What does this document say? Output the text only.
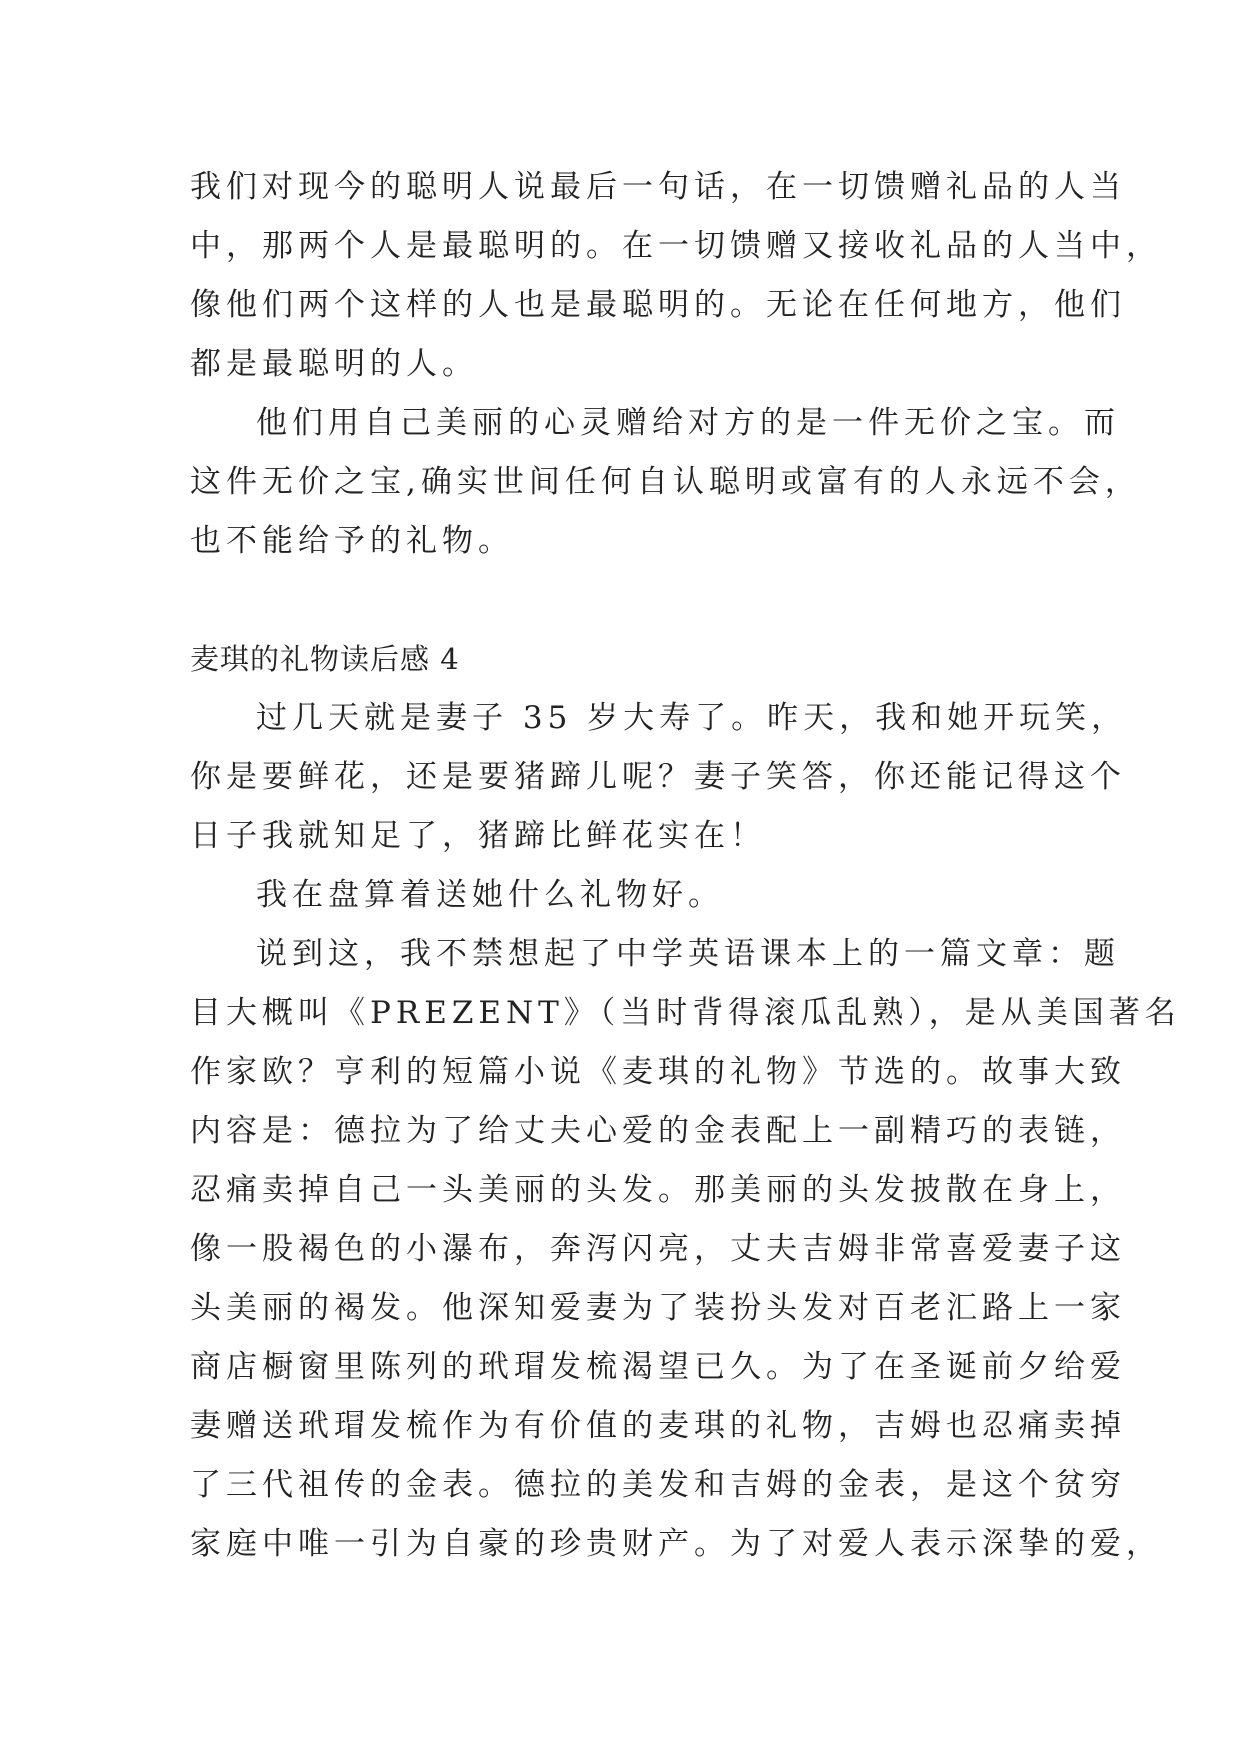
我们对现今的聪明人说最后一句话，在一切馈赠礼品的人当
中，那两个人是最聪明的。在一切馈赠又接收礼品的人当中，
像他们两个这样的人也是最聪明的。无论在任何地方，他们
都是最聪明的人。
他们用自己美丽的心灵赠给对方的是一件无价之宝。而
这件无价之宝,确实世间任何自认聪明或富有的人永远不会，
也不能给予的礼物。
麦琪的礼物读后感 4
过几天就是妻子 35 岁大寿了。昨天，我和她开玩笑，
你是要鲜花，还是要猪蹄儿呢？妻子笑答，你还能记得这个
日子我就知足了，猪蹄比鲜花实在！
我在盘算着送她什么礼物好。
说到这，我不禁想起了中学英语课本上的一篇文章：题
目大概叫《PREZENT》（当时背得滚瓜乱熟），是从美国著名
作家欧？亨利的短篇小说《麦琪的礼物》节选的。故事大致
内容是：德拉为了给丈夫心爱的金表配上一副精巧的表链，
忍痛卖掉自己一头美丽的头发。那美丽的头发披散在身上，
像一股褐色的小瀑布，奔泻闪亮，丈夫吉姆非常喜爱妻子这
头美丽的褐发。他深知爱妻为了装扮头发对百老汇路上一家
商店橱窗里陈列的玳瑁发梳渴望已久。为了在圣诞前夕给爱
妻赠送玳瑁发梳作为有价值的麦琪的礼物，吉姆也忍痛卖掉
了三代祖传的金表。德拉的美发和吉姆的金表，是这个贫穷
家庭中唯一引为自豪的珍贵财产。为了对爱人表示深挚的爱，
